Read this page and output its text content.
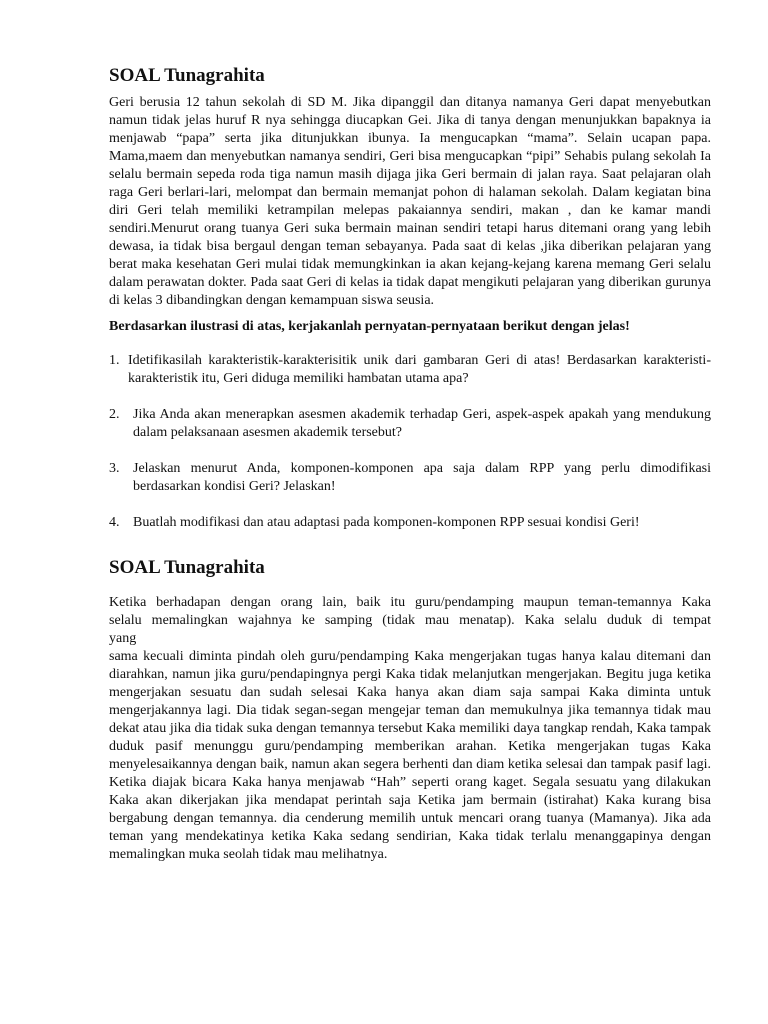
SOAL Tunagrahita

Geri berusia 12 tahun sekolah di SD M. Jika dipanggil dan ditanya namanya Geri dapat menyebutkan namun tidak jelas huruf R nya sehingga diucapkan Gei. Jika di tanya dengan menunjukkan bapaknya ia menjawab “papa” serta jika ditunjukkan ibunya. Ia mengucapkan “mama”. Selain ucapan papa. Mama,maem dan menyebutkan namanya sendiri, Geri bisa mengucapkan “pipi” Sehabis pulang sekolah Ia selalu bermain sepeda roda tiga namun masih dijaga jika Geri bermain di jalan raya. Saat pelajaran olah raga Geri berlari-lari, melompat dan bermain memanjat pohon di halaman sekolah. Dalam kegiatan bina diri Geri telah memiliki ketrampilan melepas pakaiannya sendiri, makan , dan ke kamar mandi sendiri.Menurut orang tuanya Geri suka bermain mainan sendiri tetapi harus ditemani orang yang lebih dewasa, ia tidak bisa bergaul dengan teman sebayanya. Pada saat di kelas ,jika diberikan pelajaran yang berat maka kesehatan Geri mulai tidak memungkinkan ia akan kejang-kejang karena memang Geri selalu dalam perawatan dokter. Pada saat Geri di kelas ia tidak dapat mengikuti pelajaran yang diberikan gurunya di kelas 3 dibandingkan dengan kemampuan siswa seusia.

Berdasarkan ilustrasi di atas, kerjakanlah pernyatan-pernyataan berikut dengan jelas!

1. Idetifikasilah karakteristik-karakterisitik unik dari gambaran Geri di atas! Berdasarkan karakteristi-karakteristik itu, Geri diduga memiliki hambatan utama apa?
2. Jika Anda akan menerapkan asesmen akademik terhadap Geri, aspek-aspek apakah yang mendukung dalam pelaksanaan asesmen akademik tersebut?
3. Jelaskan menurut Anda, komponen-komponen apa saja dalam RPP yang perlu dimodifikasi berdasarkan kondisi Geri? Jelaskan!
4. Buatlah modifikasi dan atau adaptasi pada komponen-komponen RPP sesuai kondisi Geri!
SOAL Tunagrahita

Ketika berhadapan dengan orang lain, baik itu guru/pendamping maupun teman-temannya Kaka

selalu memalingkan wajahnya ke samping (tidak mau menatap). Kaka selalu duduk di tempat

yang

sama kecuali diminta pindah oleh guru/pendamping Kaka mengerjakan tugas hanya kalau ditemani dan diarahkan, namun jika guru/pendapingnya pergi Kaka tidak melanjutkan mengerjakan. Begitu juga ketika mengerjakan sesuatu dan sudah selesai Kaka hanya akan diam saja sampai Kaka diminta untuk mengerjakannya lagi. Dia tidak segan-segan mengejar teman dan memukulnya jika temannya tidak mau dekat atau jika dia tidak suka dengan temannya tersebut Kaka memiliki daya tangkap rendah, Kaka tampak duduk pasif menunggu guru/pendamping memberikan arahan. Ketika mengerjakan tugas Kaka menyelesaikannya dengan baik, namun akan segera berhenti dan diam ketika selesai dan tampak pasif lagi. Ketika diajak bicara Kaka hanya menjawab “Hah” seperti orang kaget. Segala sesuatu yang dilakukan Kaka akan dikerjakan jika mendapat perintah saja Ketika jam bermain (istirahat) Kaka kurang bisa bergabung dengan temannya. dia cenderung memilih untuk mencari orang tuanya (Mamanya). Jika ada teman yang mendekatinya ketika Kaka sedang sendirian, Kaka tidak terlalu menanggapinya dengan memalingkan muka seolah tidak mau melihatnya.
